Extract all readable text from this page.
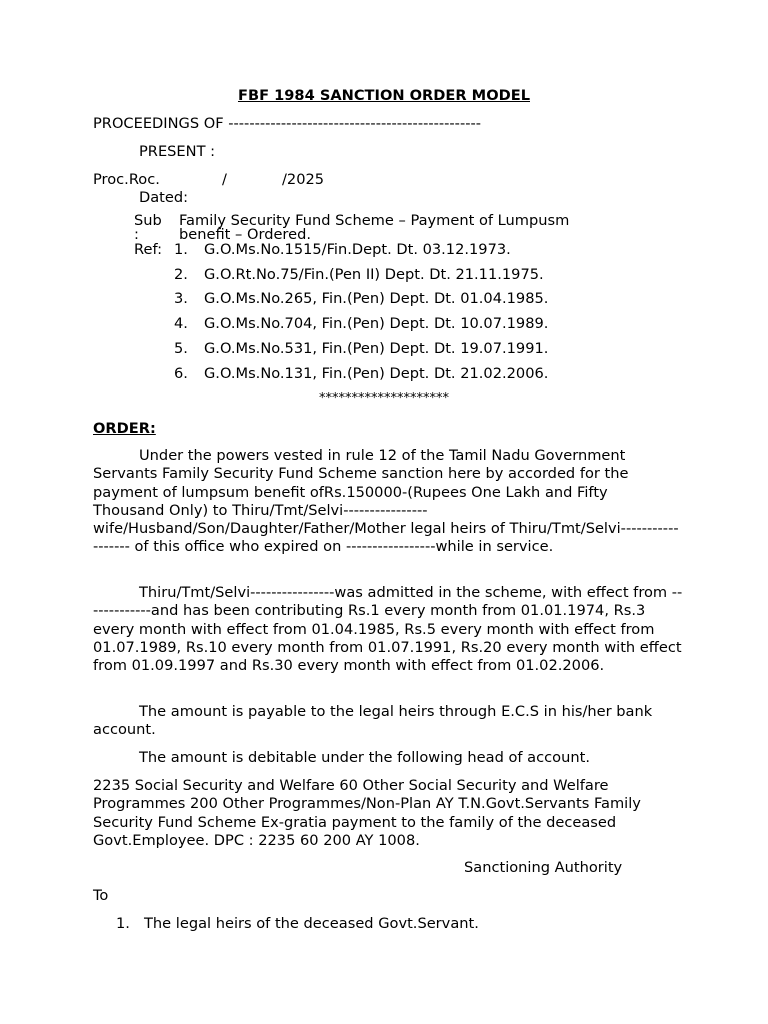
FBF 1984 SANCTION ORDER MODEL
PROCEEDINGS OF ------------------------------------------------
PRESENT :
Proc.Roc.	/	/2025
Dated:
Sub
:
Family Security Fund Scheme – Payment of Lumpusm
benefit – Ordered.
Ref: 1. G.O.Ms.No.1515/Fin.Dept. Dt. 03.12.1973.
2. G.O.Rt.No.75/Fin.(Pen II) Dept. Dt. 21.11.1975.
3. G.O.Ms.No.265, Fin.(Pen) Dept. Dt. 01.04.1985.
4. G.O.Ms.No.704, Fin.(Pen) Dept. Dt. 10.07.1989.
5. G.O.Ms.No.531, Fin.(Pen) Dept. Dt. 19.07.1991.
6. G.O.Ms.No.131, Fin.(Pen) Dept. Dt. 21.02.2006.
********************
ORDER:

Under the powers vested in rule 12 of the Tamil Nadu Government Servants Family Security Fund Scheme sanction here by accorded for the payment of lumpsum benefit ofRs.150000-(Rupees One Lakh and Fifty Thousand Only) to Thiru/Tmt/Selvi----------------wife/Husband/Son/Daughter/Father/Mother legal heirs of Thiru/Tmt/Selvi------------------ of this office who expired on -----------------while in service.

Thiru/Tmt/Selvi----------------was admitted in the scheme, with effect from -------------and has been contributing Rs.1 every month from 01.01.1974, Rs.3 every month with effect from 01.04.1985, Rs.5 every month with effect from 01.07.1989, Rs.10 every month from 01.07.1991, Rs.20 every month with effect from 01.09.1997 and Rs.30 every month with effect from 01.02.2006.

The amount is payable to the legal heirs through E.C.S in his/her bank account.

The amount is debitable under the following head of account.

2235 Social Security and Welfare 60 Other Social Security and Welfare Programmes 200 Other Programmes/Non-Plan AY T.N.Govt.Servants Family Security Fund Scheme Ex-gratia payment to the family of the deceased Govt.Employee. DPC : 2235 60 200 AY 1008.

Sanctioning Authority
To
1. The legal heirs of the deceased Govt.Servant.
